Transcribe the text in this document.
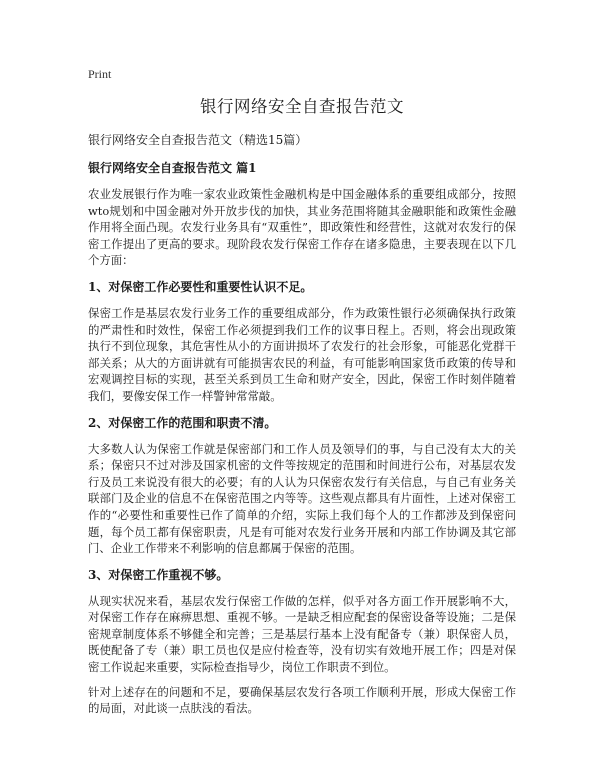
Print
银行网络安全自查报告范文
银行网络安全自查报告范文（精选15篇）
银行网络安全自查报告范文 篇1

农业发展银行作为唯一家农业政策性金融机构是中国金融体系的重要组成部分，按照wto规划和中国金融对外开放步伐的加快，其业务范围将随其金融职能和政策性金融作用将全面凸现。农发行业务具有“双重性”，即政策性和经营性，这就对农发行的保密工作提出了更高的要求。现阶段农发行保密工作存在诸多隐患，主要表现在以下几个方面：

1、对保密工作必要性和重要性认识不足。

保密工作是基层农发行业务工作的重要组成部分，作为政策性银行必须确保执行政策的严肃性和时效性，保密工作必须提到我们工作的议事日程上。否则，将会出现政策执行不到位现象，其危害性从小的方面讲损坏了农发行的社会形象，可能恶化党群干部关系；从大的方面讲就有可能损害农民的利益，有可能影响国家货币政策的传导和宏观调控目标的实现，甚至关系到员工生命和财产安全，因此，保密工作时刻伴随着我们，要像安保工作一样警钟常常敲。

2、对保密工作的范围和职责不清。

大多数人认为保密工作就是保密部门和工作人员及领导们的事，与自己没有太大的关系；保密只不过对涉及国家机密的文件等按规定的范围和时间进行公布，对基层农发行及员工来说没有很大的必要；有的人认为只保密农发行有关信息，与自己有业务关联部门及企业的信息不在保密范围之内等等。这些观点都具有片面性，上述对保密工作的“必要性和重要性已作了简单的介绍，实际上我们每个人的工作都涉及到保密问题，每个员工都有保密职责，凡是有可能对农发行业务开展和内部工作协调及其它部门、企业工作带来不利影响的信息都属于保密的范围。

3、对保密工作重视不够。

从现实状况来看，基层农发行保密工作做的怎样，似乎对各方面工作开展影响不大，对保密工作存在麻痹思想、重视不够。一是缺乏相应配套的保密设备等设施；二是保密规章制度体系不够健全和完善；三是基层行基本上没有配备专（兼）职保密人员，既使配备了专（兼）职工员也仅是应付检查等，没有切实有效地开展工作；四是对保密工作说起来重要，实际检查指导少，岗位工作职责不到位。

针对上述存在的问题和不足，要确保基层农发行各项工作顺利开展，形成大保密工作的局面，对此谈一点肤浅的看法。
